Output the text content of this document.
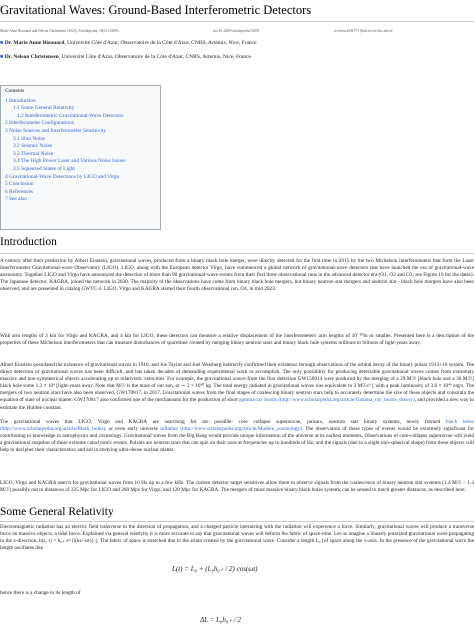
Gravitational Waves: Ground-Based Interferometric Detectors
Marie Anne Bizouard and Nelson Christensen (2023), Scholarpedia, 18(12):53893.	doi:10.4249/scholarpedia.53893	revision #201971 [link to/cite this article
■ Dr. Marie Anne Bizouard, Université Côte d'Azur, Observatoire de la Côte d'Azur, CNRS, Artemis, Nice, France
■ Dr. Nelson Christensen, Université Côte d'Azur, Observatoire de la Côte d'Azur, CNRS, Artemis, Nice, France
Contents
1 Introduction
1.1 Some General Relativity
1.2 Interferometric Gravitational-Wave Detectors
2 Interferometer Configurations
3 Noise Sources and Interferometer Sensitivity
3.1 Shot Noise
3.2 Seismic Noise
3.3 Thermal Noise
3.4 The High Power Laser and Various Noise Issues
3.5 Squeezed States of Light
4 Gravitational-Wave Detections by LIGO and Virgo
5 Conclusion
6 References
7 See also
Introduction
A century after their prediction by Albert Einstein, gravitational waves, produced from a binary black hole merger, were directly detected for the first time in 2015 by the two Michelson interferometers that form the Laser Interferometer Gravitational-wave Observatory (LIGO). LIGO, along with the European detector Virgo, have commenced a global network of gravitational-wave detectors that have launched the era of gravitational-wave astronomy. Together LIGO and Virgo have announced the detection of more than 90 gravitational-wave events from their first three observational runs in the advanced detector era (O1, O2 and O3; see Figure 16 for the dates). The Japanese detector, KAGRA, joined the network in 2020. The majority of the observations have come from binary black hole mergers, but binary neutron star mergers and neutron star - black hole mergers have also been observed, and are presented in catalog GWTC-3. LIGO, Virgo and KAGRA started their fourth observational run, O4, in mid 2023.
With arm lengths of 3 km for Virgo and KAGRA, and 4 km for LIGO, these detectors can measure a relative displacement of the interferometers' arm lengths of 10⁻²⁰m or smaller. Presented here is a description of the properties of these Michelson interferometers that can measure disturbances of spacetime created by merging binary neutron stars and binary black hole systems millions to billions of light-years away.
Albert Einstein postulated the existence of gravitational waves in 1916, and Joe Taylor and Joel Weisberg indirectly confirmed their existence through observations of the orbital decay of the binary pulsar 1913+16 system. The direct detection of gravitational waves has been difficult, and has taken decades of demanding experimental work to accomplish. The only possibility for producing detectable gravitational waves comes from extremely massive and non-symmetrical objects accelerating up to relativistic velocities. For example, the gravitational waves from the first detection GW150914 were produced by the merging of a 29 M☉ [black hole and a 36 M☉] black hole some 1.3 × 10⁹ [light-years away. Note that M☉ is the mass of our sun, or ∼ 2 × 10³⁰ kg. The total energy radiated in gravitational waves was equivalent to 3 M☉c² [ with a peak luminosity of 3.6 × 10⁴⁹ erg/s. The mergers of two neutron stars have also been observed, GW170817, in 2017. Gravitational waves from the final stages of coalescing binary neutron stars help to accurately determine the size of these objects and constrain the equation of state of nuclear matter. GW170817 also confirmed one of the mechanisms for the production of short gamma-ray bursts (http://www.scholarpedia.org/article/Gamma_ray_bursts_theory), and provided a new way to estimate the Hubble constant.
The gravitational waves that LIGO, Virgo and KAGRA are searching for are possible: core collapse supernovae, pulsars, neutron star binary systems, newly formed black holes (http://www.scholarpedia.org/article/Black_holes), or even early universe inflation (http://www.scholarpedia.org/article/Modern_cosmology). The observation of these types of events would be extremely significant for contributing to knowledge in astrophysics and cosmology. Gravitational waves from the Big Bang would provide unique information of the universe at its earliest moments. Observations of core-collapse supernovae will yield a gravitational snapshot of these extreme cataclysmic events. Pulsars are neutron stars that can spin on their axes at frequencies up to hundreds of Hz, and the signals (due to a slight non-spherical shape) from these objects will help to decipher their characteristics and aid in studying ultra-dense nuclear matter.
LIGO, Virgo and KAGRA search for gravitational waves from 10 Hz up to a few kHz. The current detector target sensitives allow them to observe signals from the coalescence of binary neutron star systems (1.4 M☉ − 1.4 M☉) possibly out to distances of 325 Mpc for LIGO and 260 Mpc for Virgo, and 128 Mpc for KAGRA. The mergers of more massive binary black holes systems can be sensed to much greater distances, as described here.
Some General Relativity
Electromagnetic radiation has an electric field transverse to the direction of propagation, and a charged particle interacting with the radiation will experience a force. Similarly, gravitational waves will produce a transverse force on massive objects, a tidal force. Explained via general relativity it is more accurate to say that gravitational waves will deform the fabric of space-time. Let us imagine a linearly polarized gravitational wave propagating in the z-direction, h(z, t) = h₀₊ e^{i(kz−ωt)} [. The fabric of space is stretched due to the strain created by the gravitational wave. Consider a length L₀ [of space along the x-axis. In the presence of the gravitational wave the length oscillates like
L(t) = L₀ + (L₀h₀₊ / 2) cos(ωt)
hence there is a change in its length of
ΔL = L₀h₀₊ / 2
